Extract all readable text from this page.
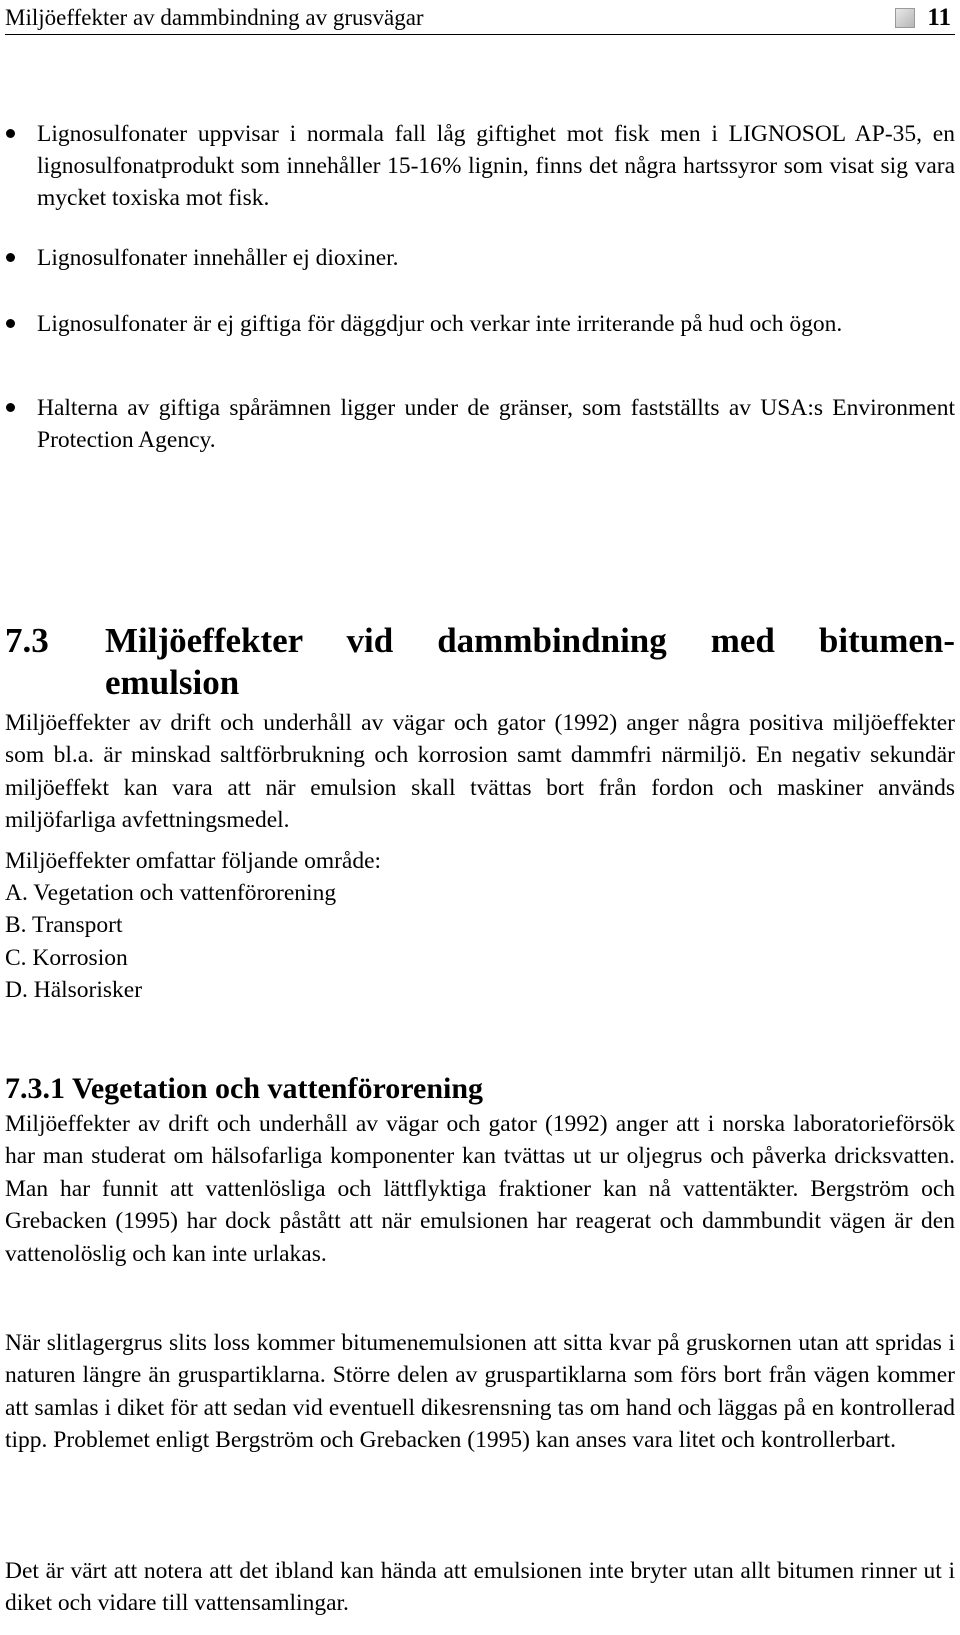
Miljöeffekter av dammbindning av grusvägar	11
Lignosulfonater uppvisar i normala fall låg giftighet mot fisk men i LIGNOSOL AP-35, en lignosulfonatprodukt som innehåller 15-16% lignin, finns det några hartssyror som visat sig vara mycket toxiska mot fisk.
Lignosulfonater innehåller ej dioxiner.
Lignosulfonater är ej giftiga för däggdjur och verkar inte irriterande på hud och ögon.
Halterna av giftiga spårämnen ligger under de gränser, som fastställts av USA:s Environment Protection Agency.
7.3 Miljöeffekter vid dammbindning med bitumen-
emulsion
Miljöeffekter av drift och underhåll av vägar och gator (1992) anger några positiva miljöeffekter som bl.a. är minskad saltförbrukning och korrosion samt dammfri närmiljö. En negativ sekundär miljöeffekt kan vara att när emulsion skall tvättas bort från fordon och maskiner används miljöfarliga avfettningsmedel.
Miljöeffekter omfattar följande område:
A. Vegetation och vattenförorening
B. Transport
C. Korrosion
D. Hälsorisker
7.3.1 Vegetation och vattenförorening
Miljöeffekter av drift och underhåll av vägar och gator (1992) anger att i norska laboratorieförsök har man studerat om hälsofarliga komponenter kan tvättas ut ur oljegrus och påverka dricksvatten. Man har funnit att vattenlösliga och lättflyktiga fraktioner kan nå vattentäkter. Bergström och Grebacken (1995) har dock påstått att när emulsionen har reagerat och dammbundit vägen är den vattenolöslig och kan inte urlakas.
När slitlagergrus slits loss kommer bitumenemulsionen att sitta kvar på gruskornen utan att spridas i naturen längre än gruspartiklarna. Större delen av gruspartiklarna som förs bort från vägen kommer att samlas i diket för att sedan vid eventuell dikesrensning tas om hand och läggas på en kontrollerad tipp. Problemet enligt Bergström och Grebacken (1995) kan anses vara litet och kontrollerbart.
Det är värt att notera att det ibland kan hända att emulsionen inte bryter utan allt bitumen rinner ut i diket och vidare till vattensamlingar.
